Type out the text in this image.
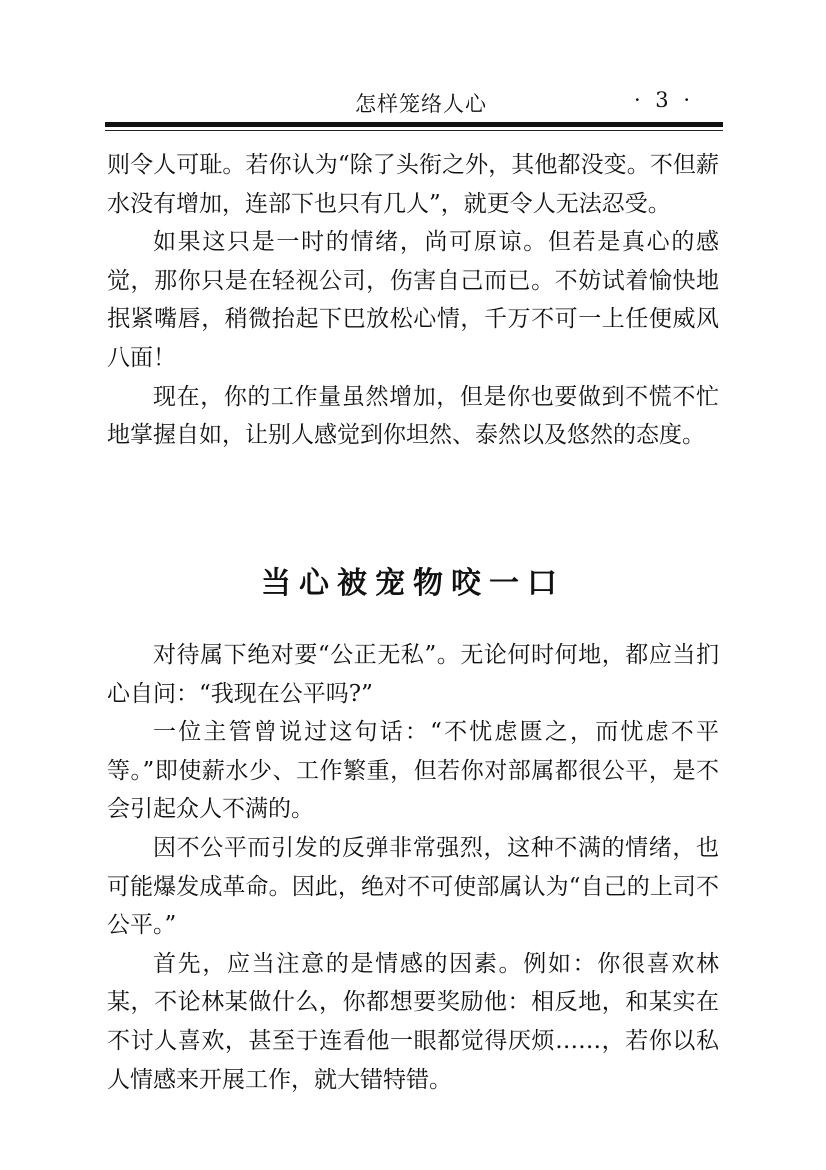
怎样笼络人心	· 3 ·

则令人可耻。若你认为“除了头衔之外，其他都没变。不但薪水没有增加，连部下也只有几人”，就更令人无法忍受。

如果这只是一时的情绪，尚可原谅。但若是真心的感觉，那你只是在轻视公司，伤害自己而已。不妨试着愉快地抿紧嘴唇，稍微抬起下巴放松心情，千万不可一上任便威风八面！

现在，你的工作量虽然增加，但是你也要做到不慌不忙地掌握自如，让别人感觉到你坦然、泰然以及悠然的态度。

当心被宠物咬一口

对待属下绝对要“公正无私”。无论何时何地，都应当扪心自问：“我现在公平吗?”

一位主管曾说过这句话：“不忧虑匮之，而忧虑不平等。”即使薪水少、工作繁重，但若你对部属都很公平，是不会引起众人不满的。

因不公平而引发的反弹非常强烈，这种不满的情绪，也可能爆发成革命。因此，绝对不可使部属认为“自己的上司不公平。”

首先，应当注意的是情感的因素。例如：你很喜欢林某，不论林某做什么，你都想要奖励他：相反地，和某实在不讨人喜欢，甚至于连看他一眼都觉得厌烦……，若你以私人情感来开展工作，就大错特错。
